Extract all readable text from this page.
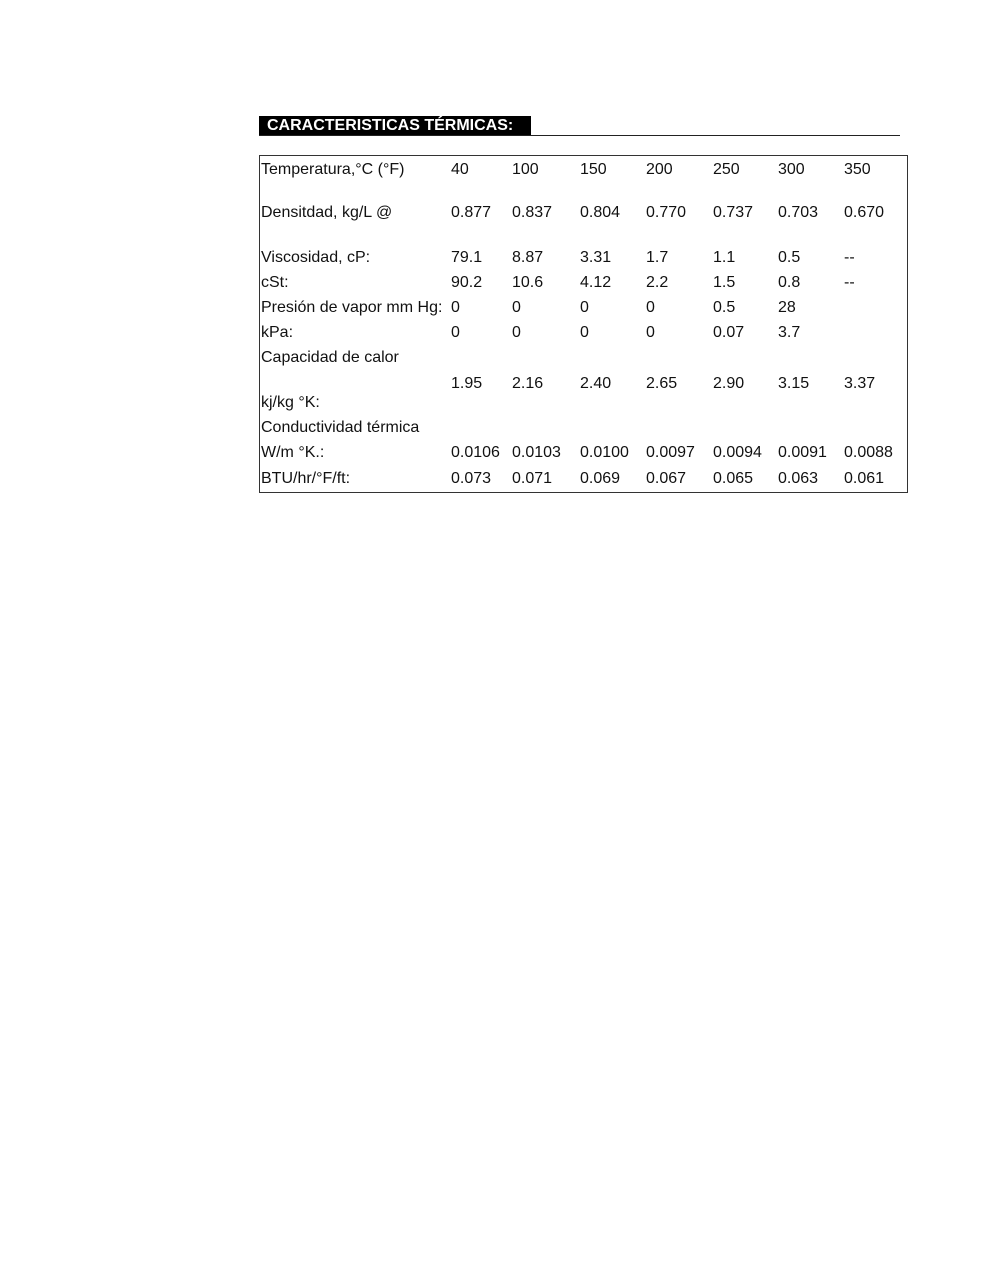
CARACTERISTICAS TÉRMICAS:
Temperatura,°C (°F)	40	100	150 200	250 300 350
Densitdad, kg/L @	0.877 0.837 0.804 0.770 0.737 0.703 0.670
Viscosidad, cP:	79.1 8.87 3.31 1.7	1.1	0.5	--
cSt:	90.2 10.6 4.12 2.2	1.5	0.8	--
Presión de vapor mm Hg: 0	0	0	0	0.5	28
kPa:	0	0	0	0	0.07 3.7
Capacidad de calor
kj/kg °K:
1.95 2.16 2.40 2.65 2.90 3.15 3.37
Conductividad térmica
W/m °K.:	0.0106 0.0103 0.0100 0.0097 0.0094 0.0091 0.0088
BTU/hr/°F/ft:	0.073 0.071 0.069 0.067 0.065 0.063 0.061
